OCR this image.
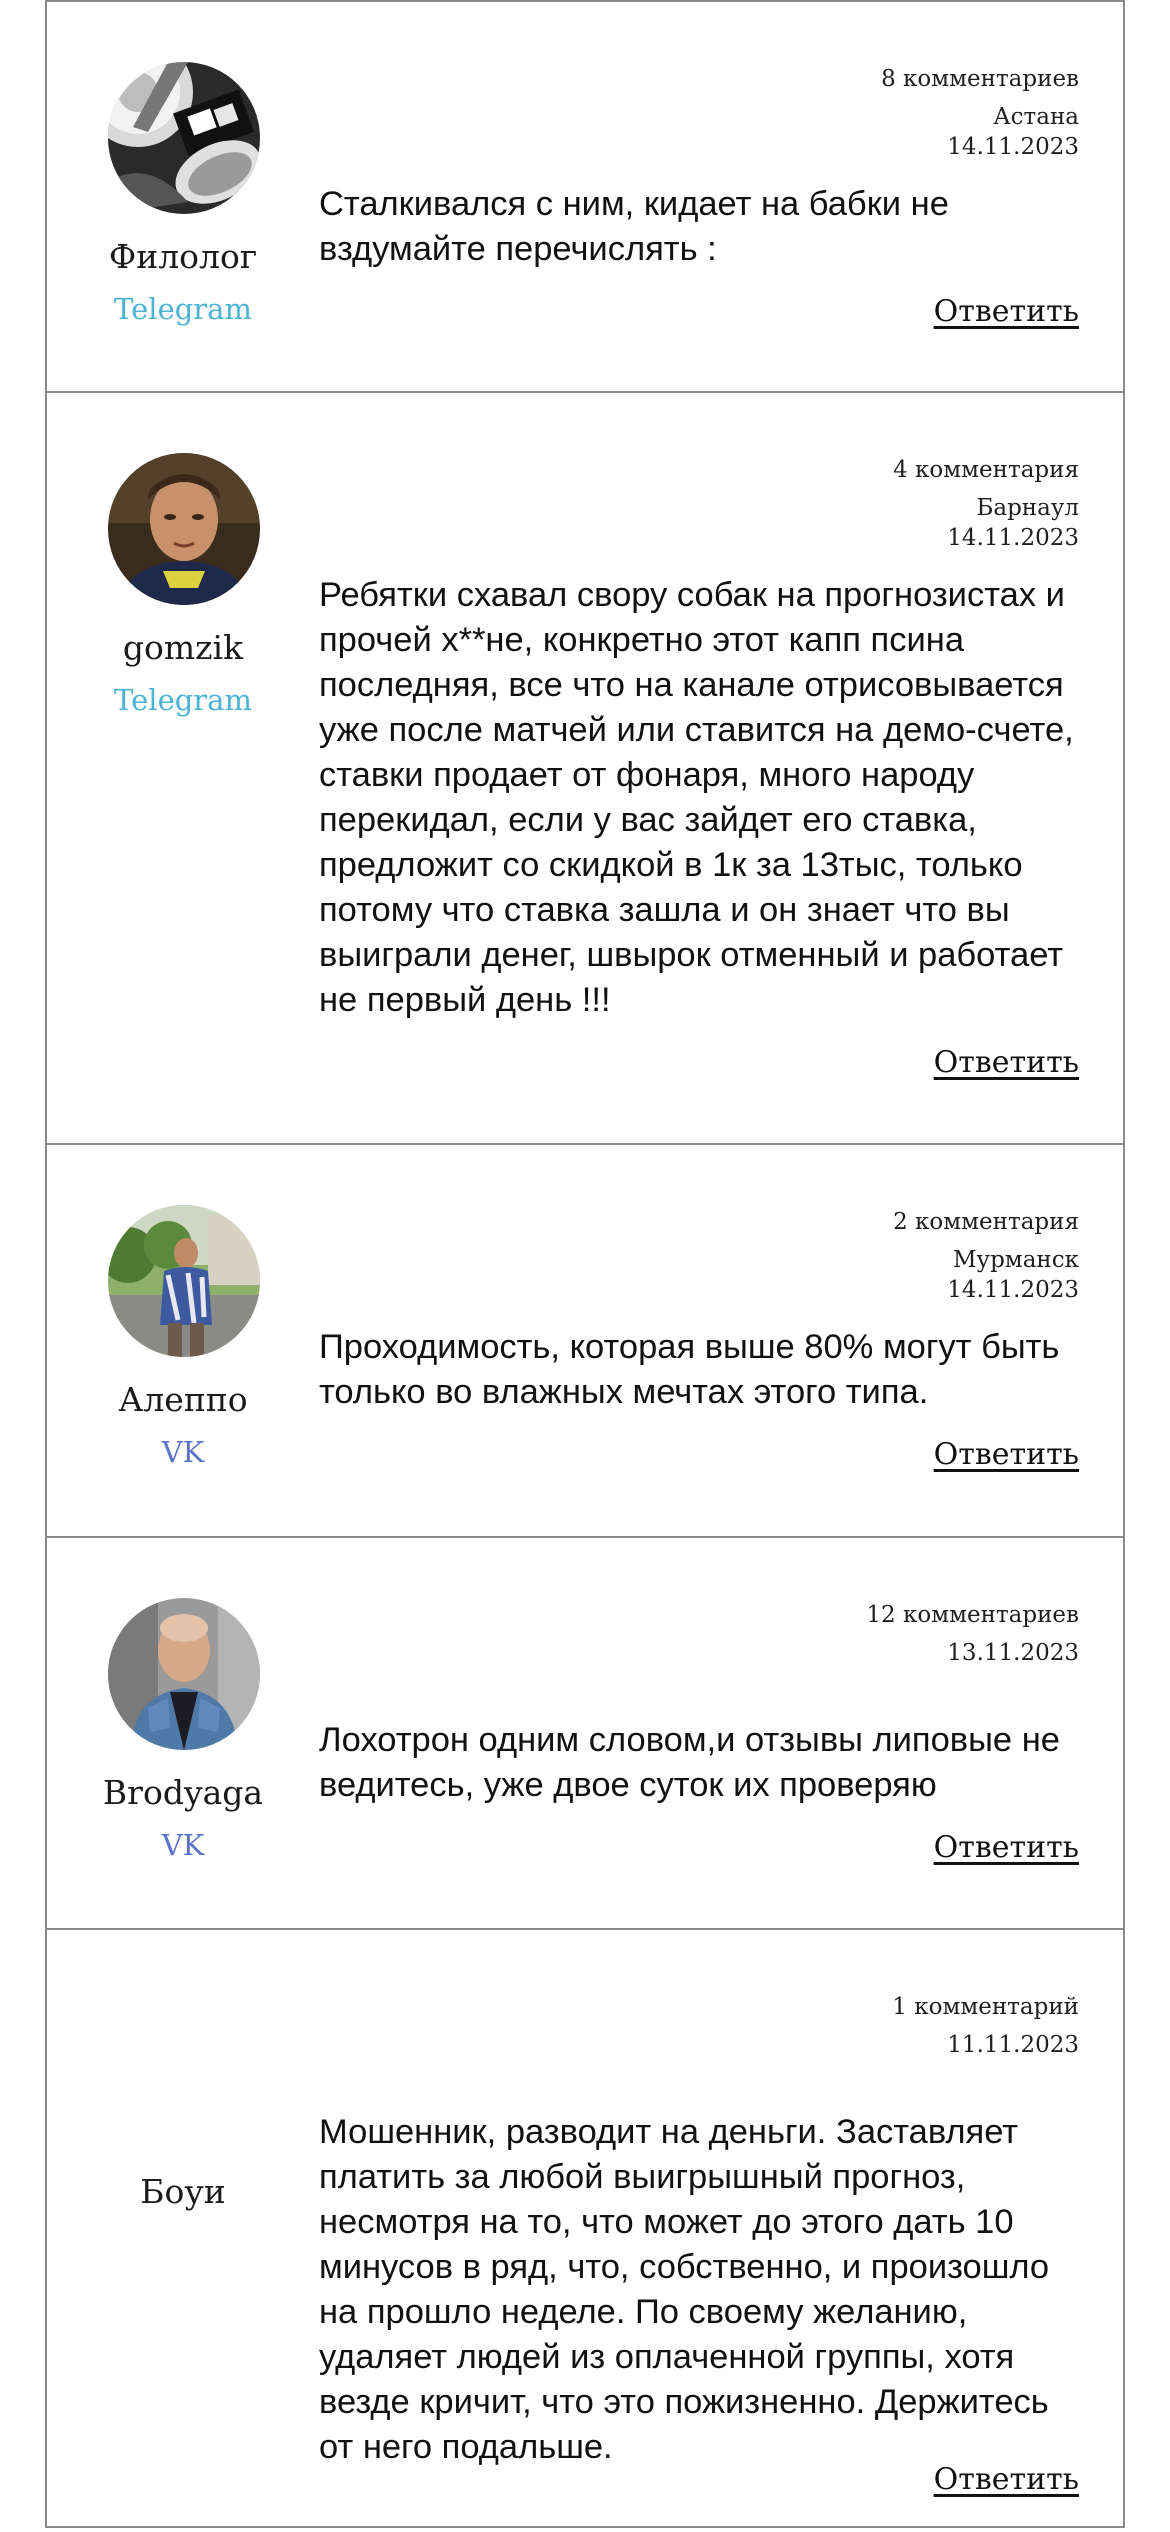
Филолог
Telegram
8 комментариев
Астана
14.11.2023
Сталкивался с ним, кидает на бабки не вздумайте перечислять :
Ответить
gomzik
Telegram
4 комментария
Барнаул
14.11.2023
Ребятки схавал свору собак на прогнозистах и прочей х**не, конкретно этот капп псина последняя, все что на канале отрисовывается уже после матчей или ставится на демо-счете, ставки продает от фонаря, много народу перекидал, если у вас зайдет его ставка, предложит со скидкой в 1к за 13тыс, только потому что ставка зашла и он знает что вы выиграли денег, швырок отменный и работает не первый день !!!
Ответить
Алеппо
VK
2 комментария
Мурманск
14.11.2023
Проходимость, которая выше 80% могут быть только во влажных мечтах этого типа.
Ответить
Brodyaga
VK
12 комментариев
13.11.2023
Лохотрон одним словом,и отзывы липовые не ведитесь, уже двое суток их проверяю
Ответить
Боуи
1 комментарий
11.11.2023
Мошенник, разводит на деньги. Заставляет платить за любой выигрышный прогноз, несмотря на то, что может до этого дать 10 минусов в ряд, что, собственно, и произошло на прошло неделе. По своему желанию, удаляет людей из оплаченной группы, хотя везде кричит, что это пожизненно. Держитесь от него подальше.
Ответить
